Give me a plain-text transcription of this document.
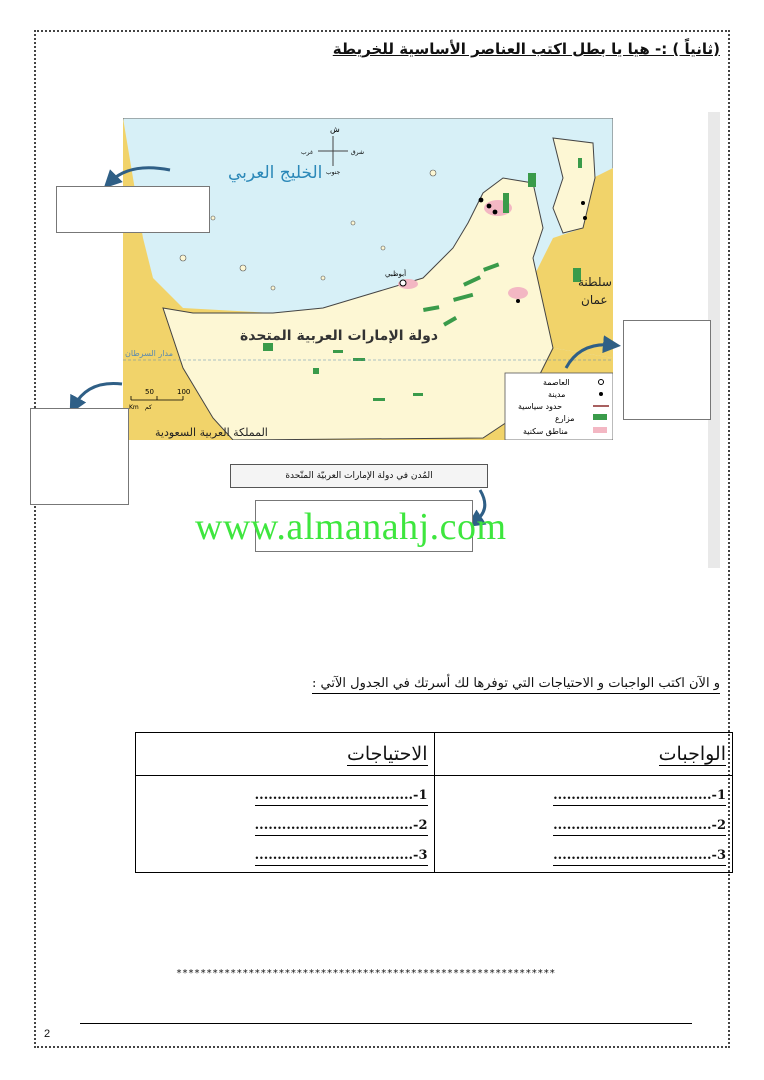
(ثانياً ) :- هيا يا بطل اكتب العناصر الأساسية للخريطة
ش
شرق
غرب
جنوب
الخليج العربي
دولة الإمارات العربية المتحدة
سلطنة
عمان
المملكة العربية السعودية
مدار السرطان
أبوظبي
50	100
Km كم
العاصمة
مدينة
حدود سياسية
مزارع
مناطق سكنية
المُدن في دولة الإمارات العربيّة المتّحدة
www.almanahj.com
و الآن اكتب الواجبات و الاحتياجات التي توفرها لك أسرتك في الجدول الآتي :
الواجبات	الاحتياجات
1-...................................	1-...................................
2-...................................	2-...................................
3-...................................	3-...................................
***************************************************************
2
